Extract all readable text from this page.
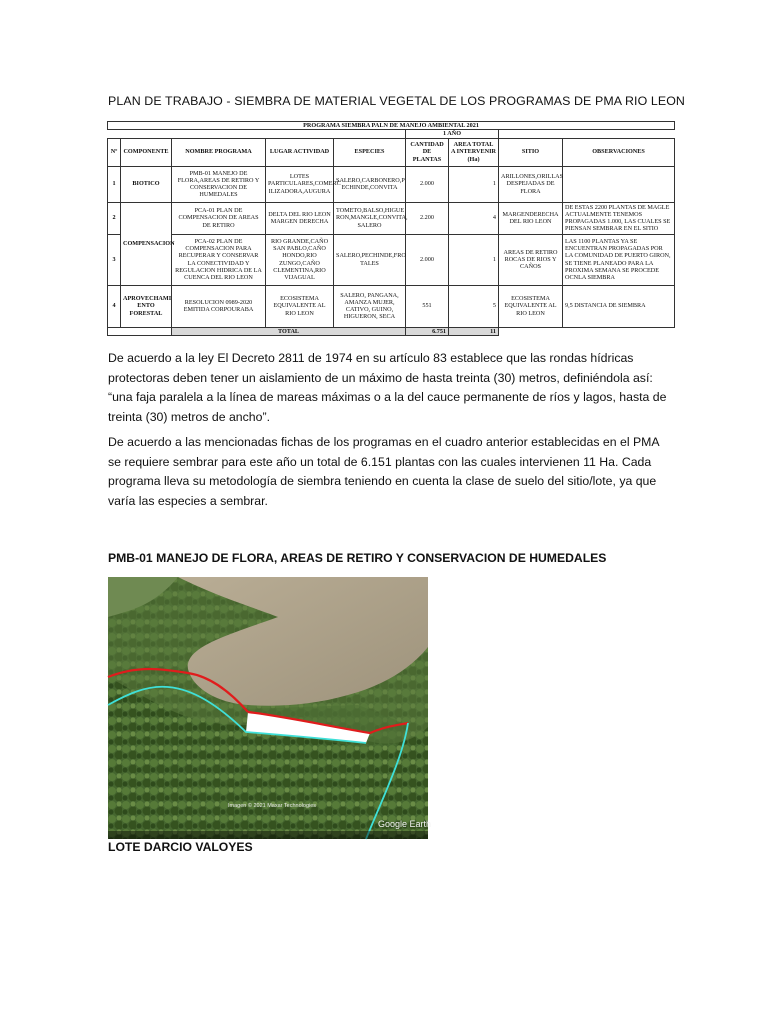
PLAN DE TRABAJO - SIEMBRA DE MATERIAL VEGETAL DE LOS PROGRAMAS DE PMA RIO LEON
PROGRAMA SIEMBRA PALN DE MANEJO AMBIENTAL 2021								
					1 AÑO			
Nº	COMPONENTE	NOMBRE PROGRAMA	LUGAR ACTIVIDAD	ESPECIES	CANTIDAD DE PLANTAS	AREA TOTAL A INTERVENIR (Ha)	SITIO	OBSERVACIONES
1	BIOTICO	PMB-01 MANEJO DE FLORA,AREAS DE RETIRO Y CONSERVACION DE HUMEDALES	LOTES PARTICULARES,COMERC ILIZADORA,AUGURA	SALERO,CARBONERO,P ECHINDE,CONVITA	2.000	1	ARILLONES,ORILLAS DESPEJADAS DE FLORA	
2	COMPENSACION	PCA-01 PLAN DE COMPENSACION DE AREAS DE RETIRO	DELTA DEL RIO LEON MARGEN DERECHA	TOMETO,BALSO,HIGUE RON,MANGLE,CONVITA, SALERO	2.200	4	MARGENDERECHA DEL RIO LEON	DE ESTAS 2200 PLANTAS DE MAGLE ACTUALMENTE TENEMOS PROPAGADAS 1.000, LAS CUALES SE PIENSAN SEMBRAR EN EL SITIO
3		PCA-02 PLAN DE COMPENSACION PARA RECUPERAR Y CONSERVAR LA CONECTIVIDAD Y REGULACION HIDRICA DE LA CUENCA DEL RIO LEON	RIO GRANDE,CAÑO SAN PABLO,CAÑO HONDO,RIO ZUNGO,CAÑO CLEMENTINA,RIO VIJAGUAL	SALERO,PECHINDE,FRO TALES	2.000	1	AREAS DE RETIRO ROCAS DE RIOS Y CAÑOS	LAS 1100 PLANTAS YA SE ENCUENTRAN PROPAGADAS POR LA COMUNIDAD DE PUERTO GIRON, SE TIENE PLANEADO PARA LA PROXIMA SEMANA SE PROCEDE OCNLA SIEMBRA
4	APROVECHAMI ENTO FORESTAL	RESOLUCION 0989-2020 EMITIDA CORPOURABA	ECOSISTEMA EQUIVALENTE AL RIO LEON	SALERO, PANGANA, AMANZA MUJER, CATIVO, GUINO, HIGUERON, SECA	551	5	ECOSISTEMA EQUIVALENTE AL RIO LEON	9,5 DISTANCIA DE SIEMBRA
		TOTAL			6.751	11		

De acuerdo a la ley El Decreto 2811 de 1974 en su artículo 83 establece que las rondas hídricas protectoras deben tener un aislamiento de un máximo de hasta treinta (30) metros, definiéndola así: “una faja paralela a la línea de mareas máximas o a la del cauce permanente de ríos y lagos, hasta de treinta (30) metros de ancho”.

De acuerdo a las mencionadas fichas de los programas en el cuadro anterior establecidas en el PMA se requiere sembrar para este año un total de 6.151 plantas con las cuales intervienen 11 Ha. Cada programa lleva su metodología de siembra teniendo en cuenta la clase de suelo del sitio/lote, ya que varía las especies a sembrar.

PMB-01 MANEJO DE FLORA, AREAS DE RETIRO Y CONSERVACION DE HUMEDALES
Imagen © 2021 Maxar Technologies
Google Earth
LOTE DARCIO VALOYES
